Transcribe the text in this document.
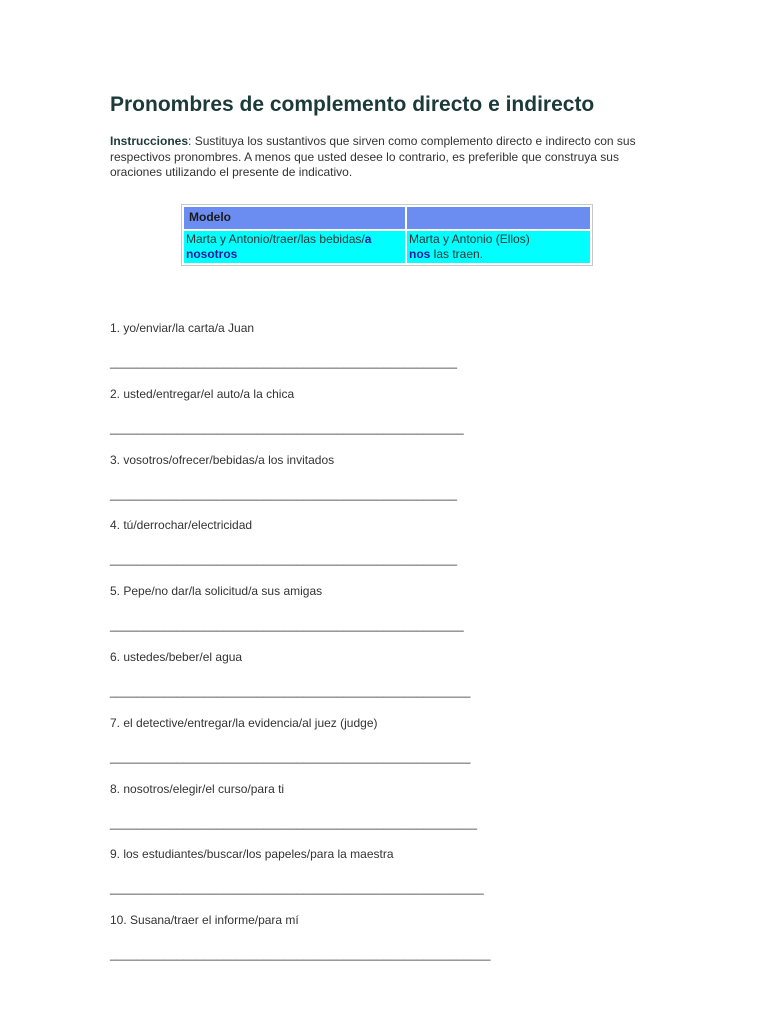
Pronombres de complemento directo e indirecto
Instrucciones: Sustituya los sustantivos que sirven como complemento directo e indirecto con sus respectivos pronombres. A menos que usted desee lo contrario, es preferible que construya sus oraciones utilizando el presente de indicativo.
Modelo	
Marta y Antonio/traer/las bebidas/a nosotros	Marta y Antonio (Ellos)
nos las traen.
1. yo/enviar/la carta/a Juan
____________________________________________________
2. usted/entregar/el auto/a la chica
_____________________________________________________
3. vosotros/ofrecer/bebidas/a los invitados
____________________________________________________
4. tú/derrochar/electricidad
____________________________________________________
5. Pepe/no dar/la solicitud/a sus amigas
_____________________________________________________
6. ustedes/beber/el agua
______________________________________________________
7. el detective/entregar/la evidencia/al juez (judge)
______________________________________________________
8. nosotros/elegir/el curso/para ti
_______________________________________________________
9. los estudiantes/buscar/los papeles/para la maestra
________________________________________________________
10. Susana/traer el informe/para mí
_________________________________________________________
